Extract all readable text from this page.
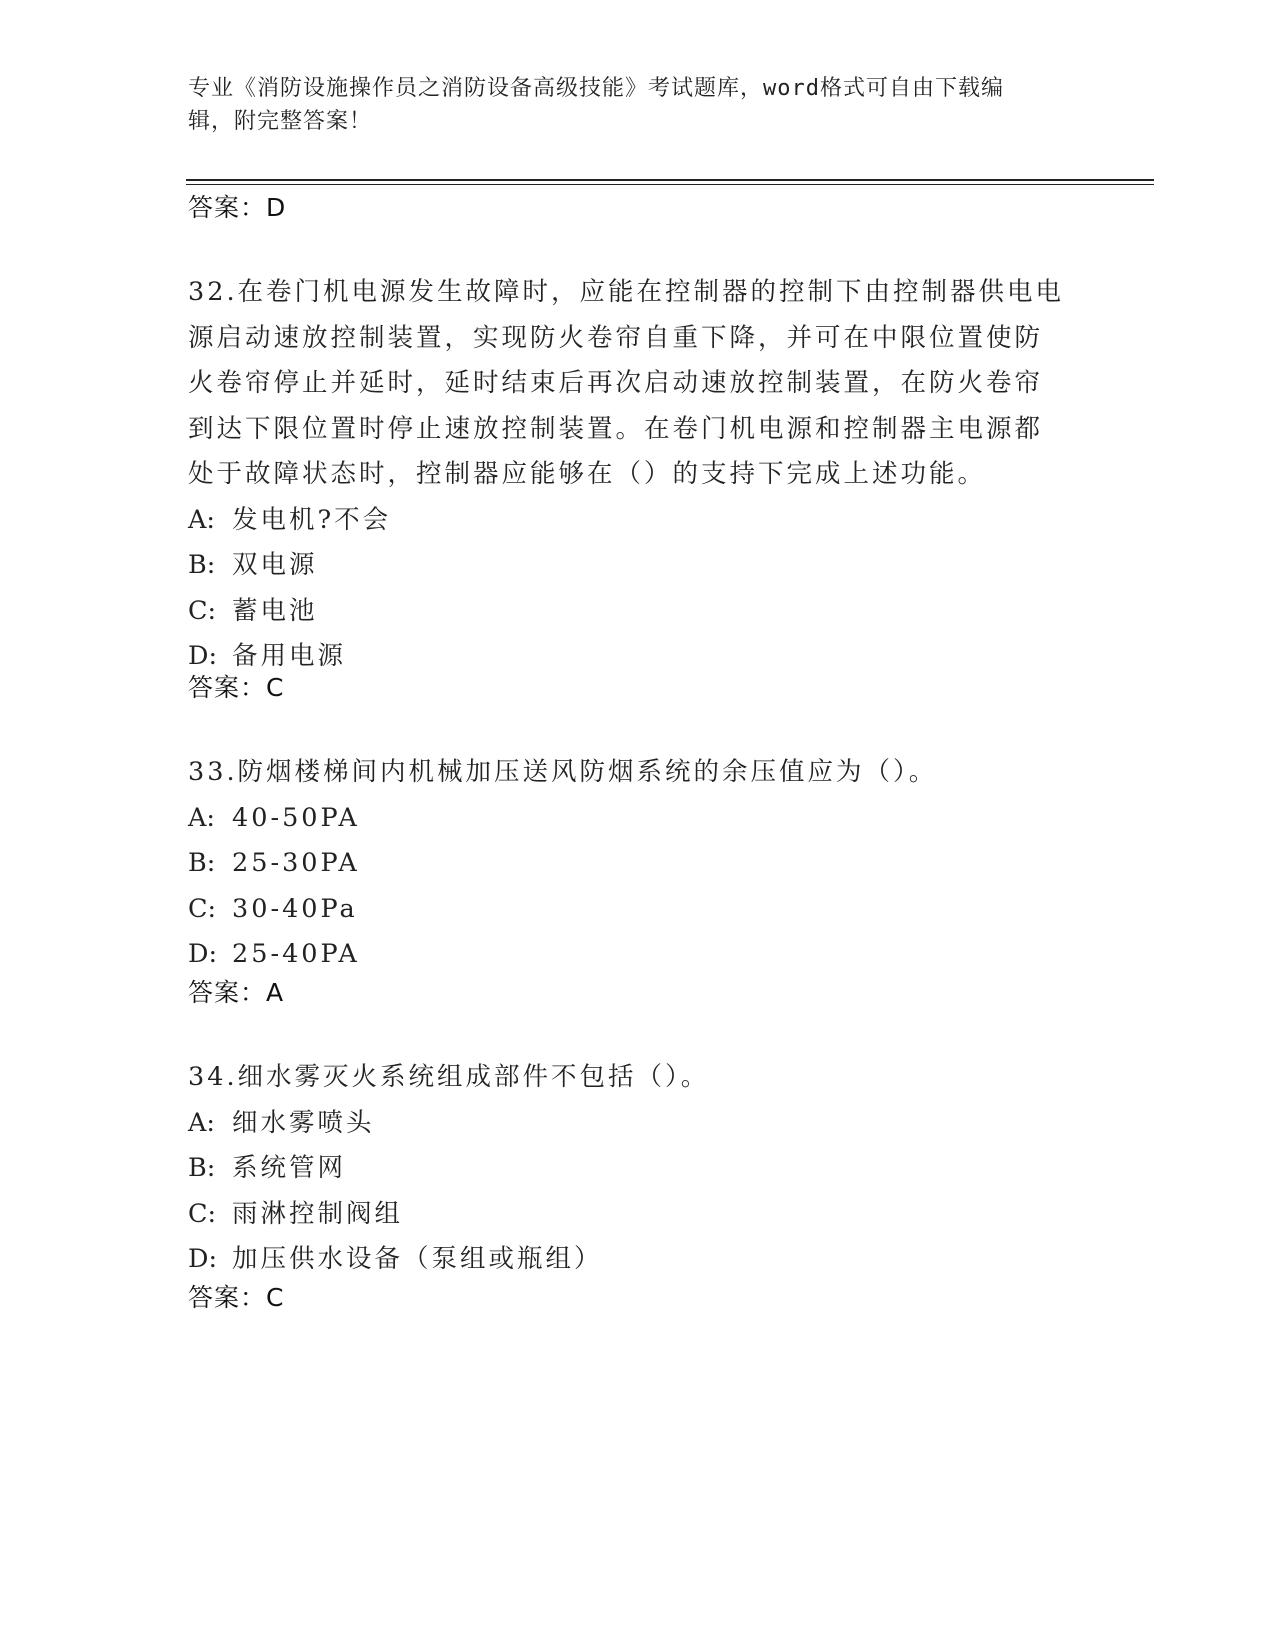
专业《消防设施操作员之消防设备高级技能》考试题库，word格式可自由下载编
辑，附完整答案！
答案：D

32.在卷门机电源发生故障时，应能在控制器的控制下由控制器供电电
源启动速放控制装置，实现防火卷帘自重下降，并可在中限位置使防
火卷帘停止并延时，延时结束后再次启动速放控制装置，在防火卷帘
到达下限位置时停止速放控制装置。在卷门机电源和控制器主电源都
处于故障状态时，控制器应能够在（）的支持下完成上述功能。

A: 发电机?不会
B: 双电源
C: 蓄电池
D: 备用电源
答案：C

33.防烟楼梯间内机械加压送风防烟系统的余压值应为（）。

A: 40-50PA
B: 25-30PA
C: 30-40Pa
D: 25-40PA
答案：A

34.细水雾灭火系统组成部件不包括（）。

A: 细水雾喷头
B: 系统管网
C: 雨淋控制阀组
D: 加压供水设备（泵组或瓶组）
答案：C
